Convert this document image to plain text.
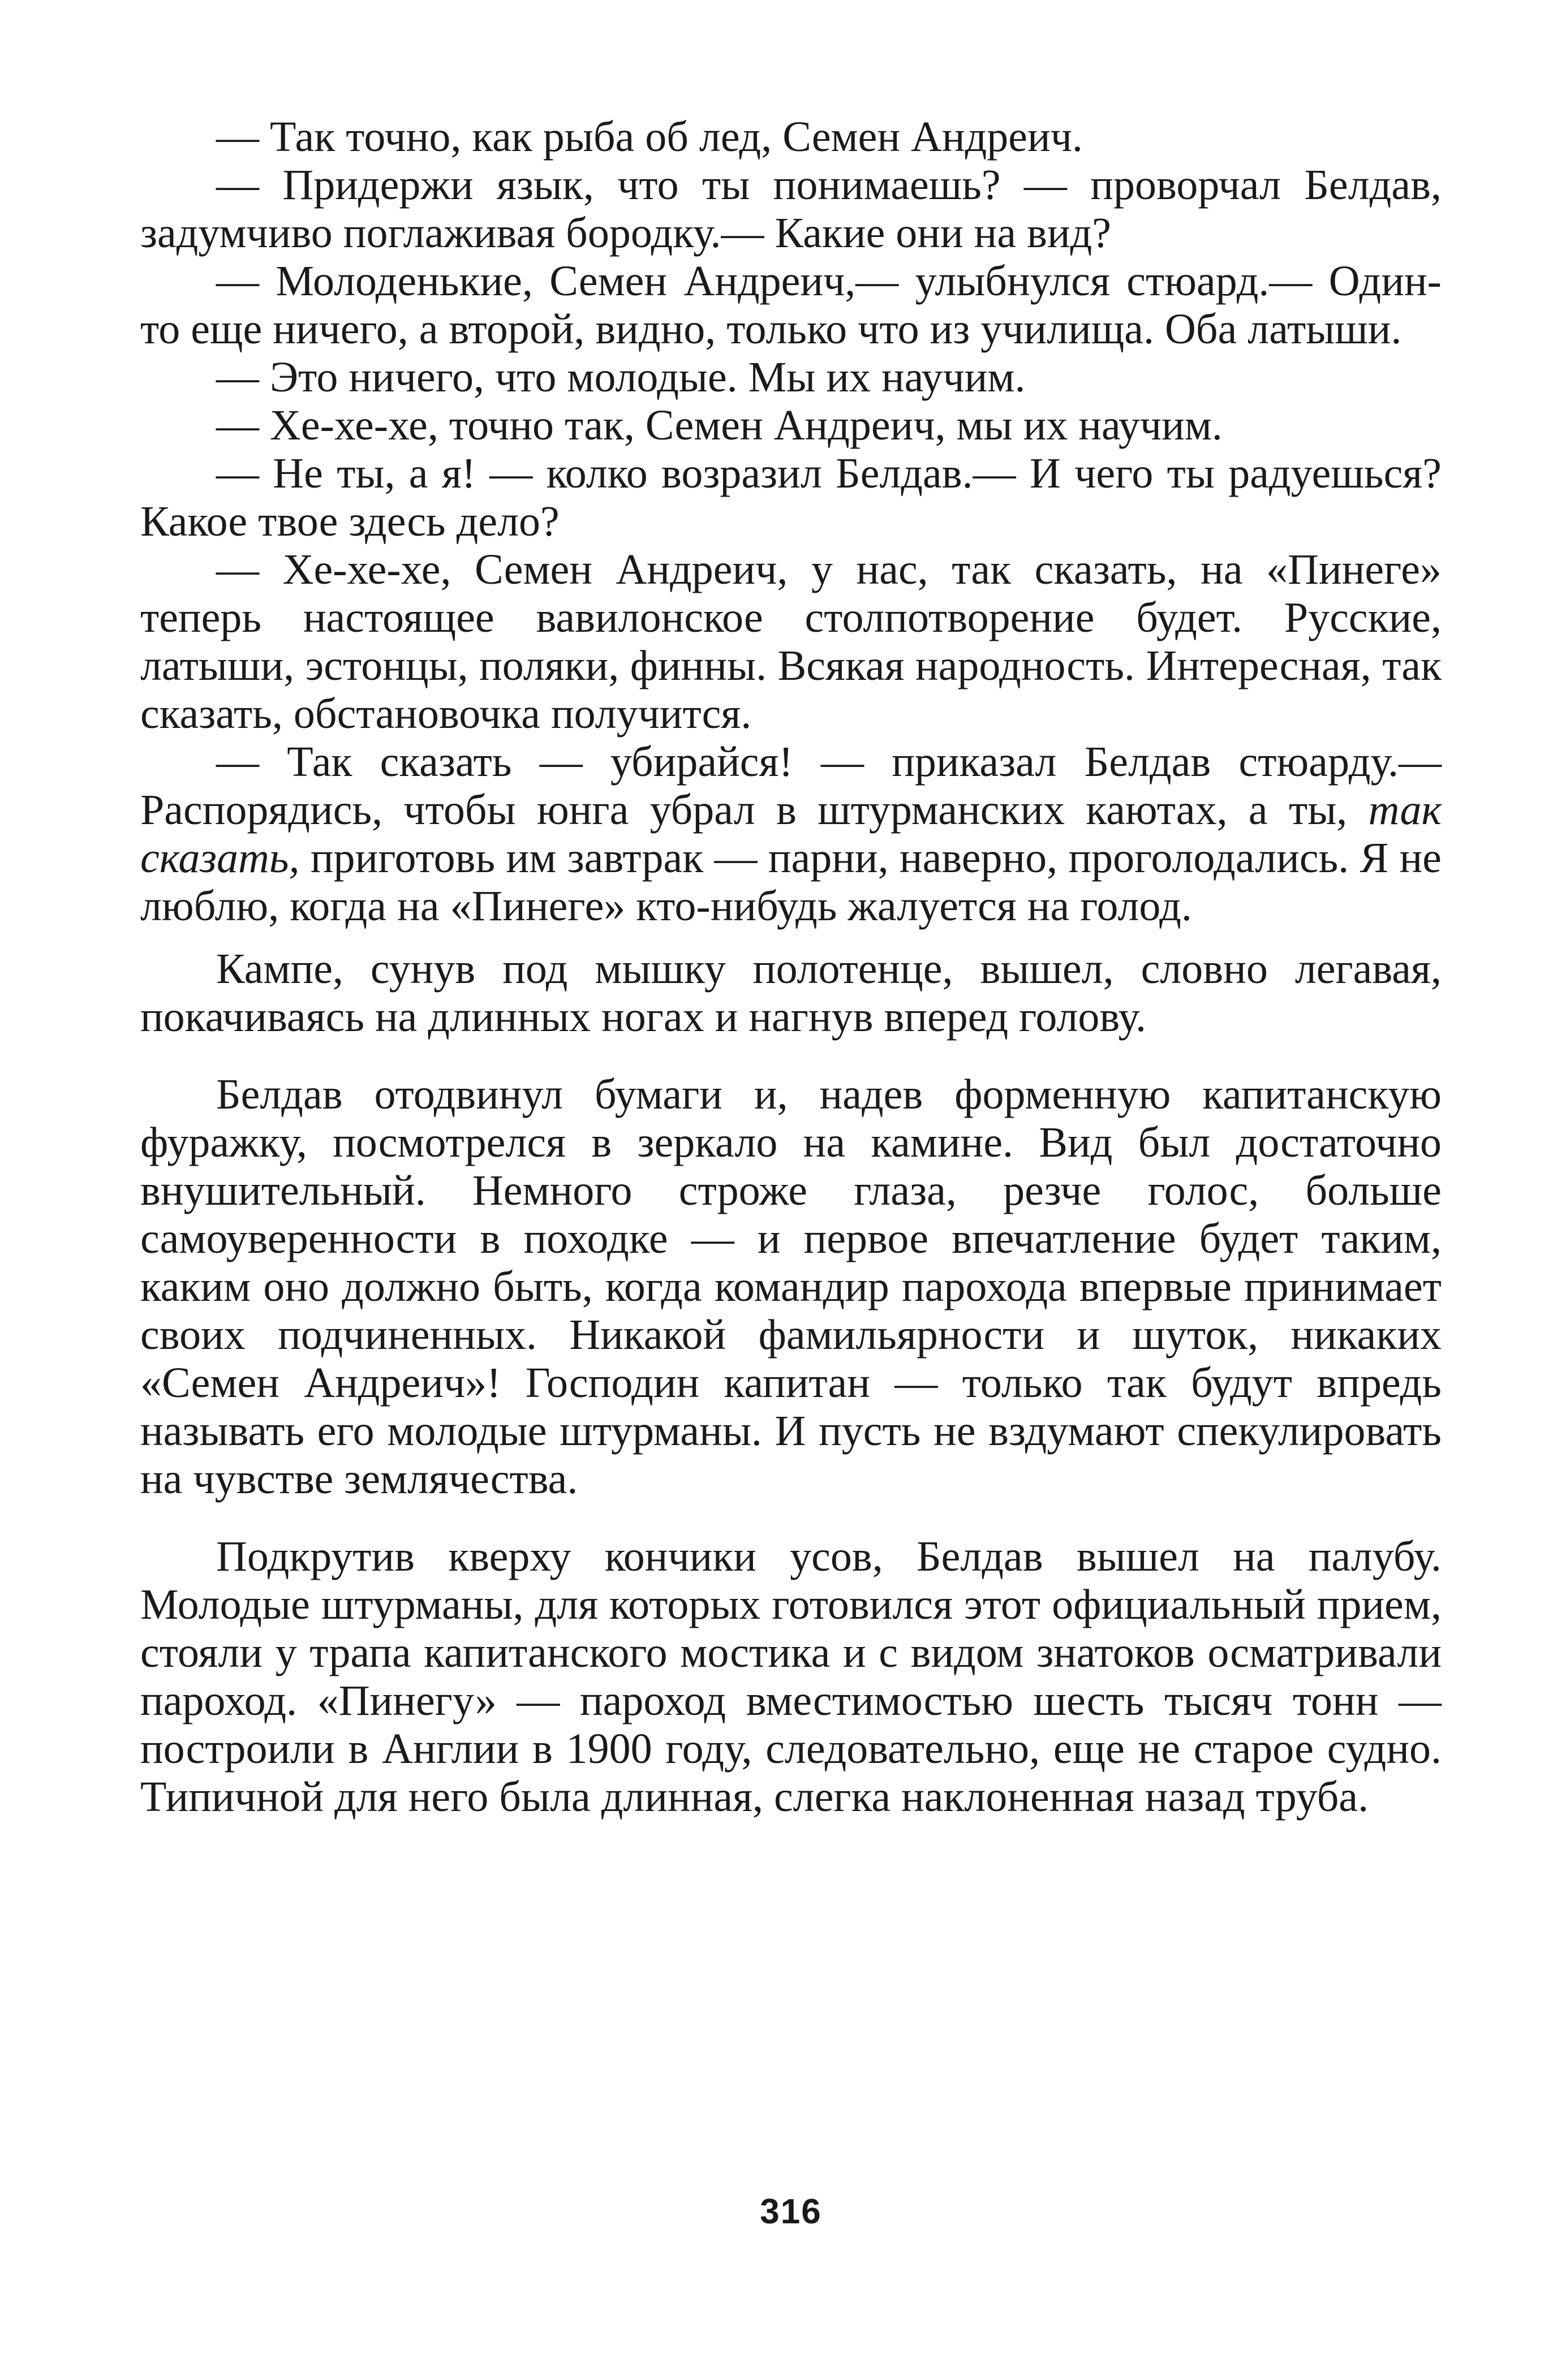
— Так точно, как рыба об лед, Семен Андреич.

— Придержи язык, что ты понимаешь? — проворчал Белдав, задумчиво поглаживая бородку.— Какие они на вид?

— Молоденькие, Семен Андреич,— улыбнулся стюард.— Один-то еще ничего, а второй, видно, только что из училища. Оба латыши.

— Это ничего, что молодые. Мы их научим.

— Хе-хе-хе, точно так, Семен Андреич, мы их научим.

— Не ты, а я! — колко возразил Белдав.— И чего ты радуешься? Какое твое здесь дело?

— Хе-хе-хе, Семен Андреич, у нас, так сказать, на «Пинеге» теперь настоящее вавилонское столпотворение будет. Русские, латыши, эстонцы, поляки, финны. Всякая народность. Интересная, так сказать, обстановочка получится.

— Так сказать — убирайся! — приказал Белдав стюарду.— Распорядись, чтобы юнга убрал в штурманских каютах, а ты, так сказать, приготовь им завтрак — парни, наверно, проголодались. Я не люблю, когда на «Пинеге» кто-нибудь жалуется на голод.

Кампе, сунув под мышку полотенце, вышел, словно легавая, покачиваясь на длинных ногах и нагнув вперед голову.

Белдав отодвинул бумаги и, надев форменную капитанскую фуражку, посмотрелся в зеркало на камине. Вид был достаточно внушительный. Немного строже глаза, резче голос, больше самоуверенности в походке — и первое впечатление будет таким, каким оно должно быть, когда командир парохода впервые принимает своих подчиненных. Никакой фамильярности и шуток, никаких «Семен Андреич»! Господин капитан — только так будут впредь называть его молодые штурманы. И пусть не вздумают спекулировать на чувстве землячества.

Подкрутив кверху кончики усов, Белдав вышел на палубу. Молодые штурманы, для которых готовился этот официальный прием, стояли у трапа капитанского мостика и с видом знатоков осматривали пароход. «Пинегу» — пароход вместимостью шесть тысяч тонн — построили в Англии в 1900 году, следовательно, еще не старое судно. Типичной для него была длинная, слегка наклоненная назад труба.

316
